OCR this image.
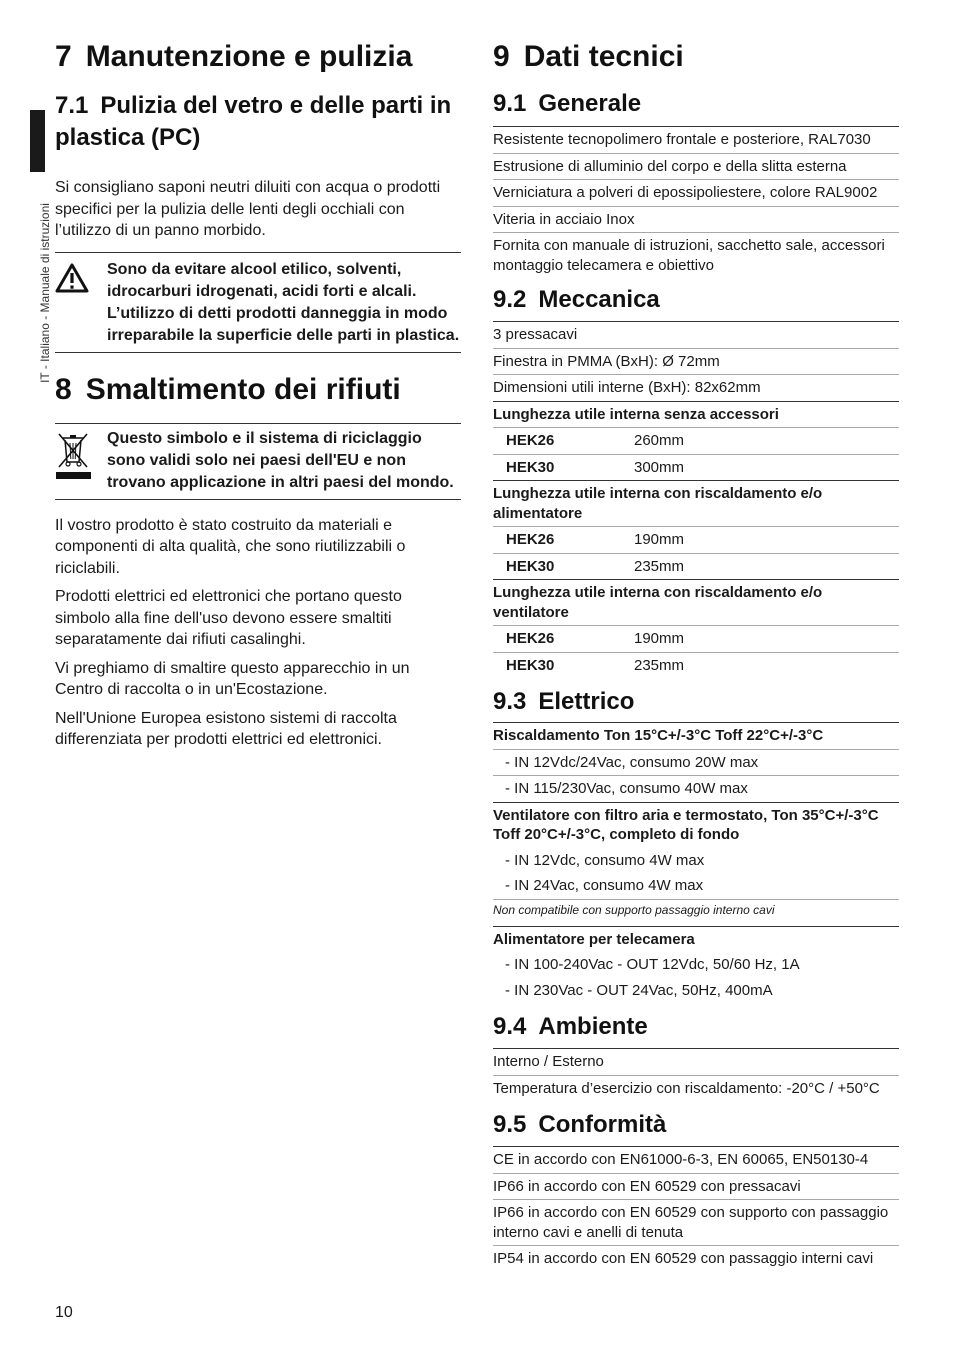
IT - Italiano - Manuale di istruzioni
7 Manutenzione e pulizia
7.1 Pulizia del vetro e delle parti in plastica (PC)

Si consigliano saponi neutri diluiti con acqua o prodotti specifici per la pulizia delle lenti degli occhiali con l’utilizzo di un panno morbido.

Sono da evitare alcool etilico, solventi, idrocarburi idrogenati, acidi forti e alcali. L’utilizzo di detti prodotti danneggia in modo irreparabile la superficie delle parti in plastica.
8 Smaltimento dei rifiuti
Questo simbolo e il sistema di riciclaggio sono validi solo nei paesi dell'EU e non trovano applicazione in altri paesi del mondo.

Il vostro prodotto è stato costruito da materiali e componenti di alta qualità, che sono riutilizzabili o riciclabili.

Prodotti elettrici ed elettronici che portano questo simbolo alla fine dell'uso devono essere smaltiti separatamente dai rifiuti casalinghi.

Vi preghiamo di smaltire questo apparecchio in un Centro di raccolta o in un'Ecostazione.

Nell'Unione Europea esistono sistemi di raccolta differenziata per prodotti elettrici ed elettronici.

9 Dati tecnici
9.1 Generale
Resistente tecnopolimero frontale e posteriore, RAL7030
Estrusione di alluminio del corpo e della slitta esterna
Verniciatura a polveri di epossipoliestere, colore RAL9002
Viteria in acciaio Inox
Fornita con manuale di istruzioni, sacchetto sale, accessori montaggio telecamera e obiettivo
9.2 Meccanica
3 pressacavi
Finestra in PMMA (BxH): Ø 72mm
Dimensioni utili interne (BxH): 82x62mm
Lunghezza utile interna senza accessori
HEK26	260mm
HEK30	300mm
Lunghezza utile interna con riscaldamento e/o alimentatore
HEK26	190mm
HEK30	235mm
Lunghezza utile interna con riscaldamento e/o ventilatore
HEK26	190mm
HEK30	235mm
9.3 Elettrico
Riscaldamento Ton 15°C+/-3°C Toff 22°C+/-3°C
- IN 12Vdc/24Vac, consumo 20W max
- IN 115/230Vac, consumo 40W max
Ventilatore con filtro aria e termostato, Ton 35°C+/-3°C Toff 20°C+/-3°C, completo di fondo
- IN 12Vdc, consumo 4W max
- IN 24Vac, consumo 4W max
Non compatibile con supporto passaggio interno cavi
Alimentatore per telecamera
- IN 100-240Vac - OUT 12Vdc, 50/60 Hz, 1A
- IN 230Vac - OUT 24Vac, 50Hz, 400mA
9.4 Ambiente
Interno / Esterno
Temperatura d’esercizio con riscaldamento: -20°C / +50°C
9.5 Conformità
CE in accordo con EN61000-6-3, EN 60065, EN50130-4
IP66 in accordo con EN 60529 con pressacavi
IP66 in accordo con EN 60529 con supporto con passaggio interno cavi e anelli di tenuta
IP54 in accordo con EN 60529 con passaggio interni cavi
10
